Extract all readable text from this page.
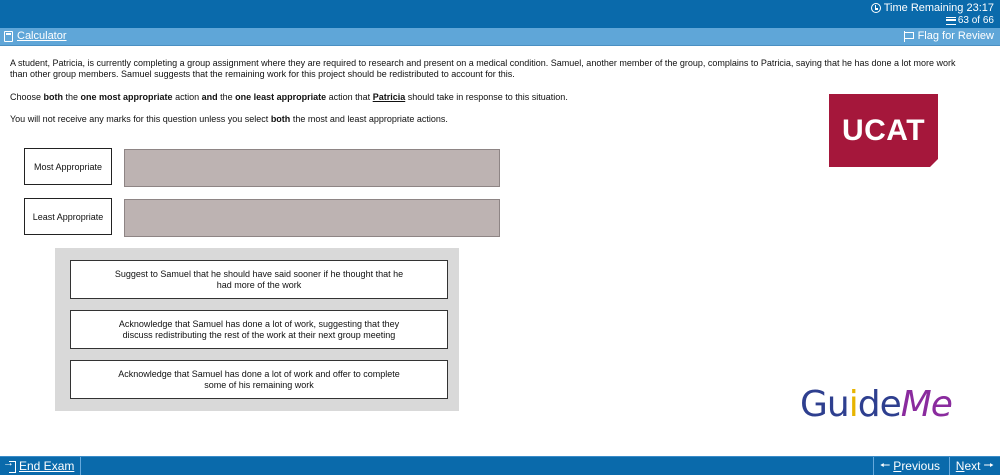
Time Remaining 23:17
63 of 66
Calculator	Flag for Review

A student, Patricia, is currently completing a group assignment where they are required to research and present on a medical condition. Samuel, another member of the group, complains to Patricia, saying that he has done a lot more work than other group members. Samuel suggests that the remaining work for this project should be redistributed to account for this.

Choose both the one most appropriate action and the one least appropriate action that Patricia should take in response to this situation.

You will not receive any marks for this question unless you select both the most and least appropriate actions.	UCAT
Most Appropriate
Least Appropriate
Suggest to Samuel that he should have said sooner if he thought that he had more of the work
Acknowledge that Samuel has done a lot of work, suggesting that they discuss redistributing the rest of the work at their next group meeting
Acknowledge that Samuel has done a lot of work and offer to complete some of his remaining work	GuideMe
→
End Exam	🠔 Previous Next 🠖
